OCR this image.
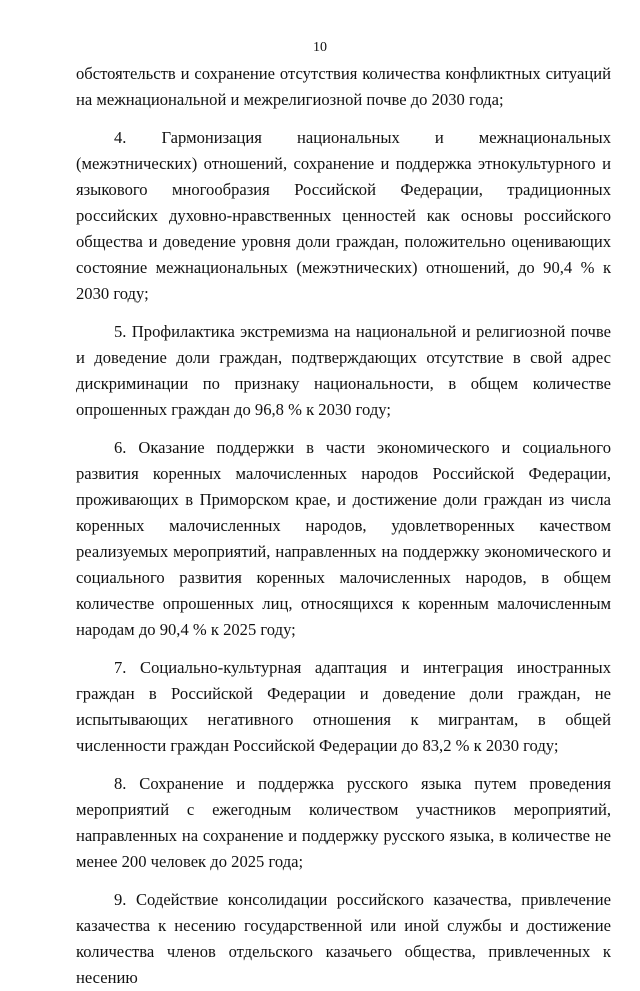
10

обстоятельств и сохранение отсутствия количества конфликтных ситуаций на межнациональной и межрелигиозной почве до 2030 года;

4. Гармонизация национальных и межнациональных (межэтнических) отношений, сохранение и поддержка этнокультурного и языкового многообразия Российской Федерации, традиционных российских духовно-нравственных ценностей как основы российского общества и доведение уровня доли граждан, положительно оценивающих состояние межнациональных (межэтнических) отношений, до 90,4 % к 2030 году;

5. Профилактика экстремизма на национальной и религиозной почве и доведение доли граждан, подтверждающих отсутствие в свой адрес дискриминации по признаку национальности, в общем количестве опрошенных граждан до 96,8 % к 2030 году;

6. Оказание поддержки в части экономического и социального развития коренных малочисленных народов Российской Федерации, проживающих в Приморском крае, и достижение доли граждан из числа коренных малочисленных народов, удовлетворенных качеством реализуемых мероприятий, направленных на поддержку экономического и социального развития коренных малочисленных народов, в общем количестве опрошенных лиц, относящихся к коренным малочисленным народам до 90,4 % к 2025 году;

7. Социально-культурная адаптация и интеграция иностранных граждан в Российской Федерации и доведение доли граждан, не испытывающих негативного отношения к мигрантам, в общей численности граждан Российской Федерации до 83,2 % к 2030 году;

8. Сохранение и поддержка русского языка путем проведения мероприятий с ежегодным количеством участников мероприятий, направленных на сохранение и поддержку русского языка, в количестве не менее 200 человек до 2025 года;

9. Содействие консолидации российского казачества, привлечение казачества к несению государственной или иной службы и достижение количества членов отдельского казачьего общества, привлеченных к несению
